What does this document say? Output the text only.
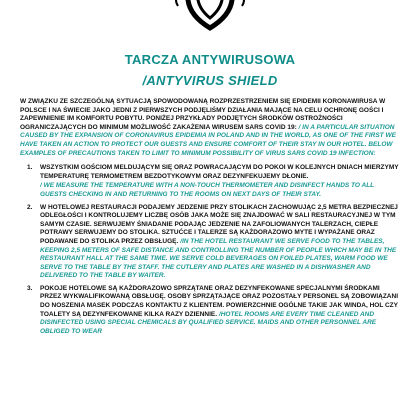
TARCZA ANTYWIRUSOWA
/ANTYVIRUS SHIELD
W ZWIĄZKU ZE SZCZEGÓLNĄ SYTUACJĄ SPOWODOWANĄ ROZPRZESTRZENIEM SIĘ EPIDEMII KORONAWIRUSA W POLSCE I NA ŚWIECIE JAKO JEDNI Z PIERWSZYCH PODJĘLIŚMY DZIAŁANIA MAJĄCE NA CELU OCHRONĘ GOŚCI I ZAPEWNIENIE IM KOMFORTU POBYTU. PONIŻEJ PRZYKŁADY PODJĘTYCH ŚRODKÓW OSTROŻNOŚCI OGRANICZAJĄCYCH DO MINIMUM MOŻLIWOŚĆ ZAKAŻENIA WIRUSEM SARS COVID 19: / IN A PARTICULAR SITUATION CAUSED BY THE EXPANSION OF CORONAVIRUS EPIDEMIA IN POLAND AND IN THE WORLD, AS ONE OF THE FIRST WE HAVE TAKEN AN ACTION TO PROTECT OUR GUESTS AND ENSURE COMFORT OF THEIR STAY IN OUR HOTEL. BELOW EXAMPLES OF PRECAUTIONS TAKEN TO LIMIT TO MINIMUM POSSIBILITY OF VIRUS SARS COVID 19 INFECTION:
1. WSZYSTKIM GOŚCIOM MELDUJĄCYM SIĘ ORAZ POWRACAJĄCYM DO POKOI W KOLEJNYCH DNIACH MIERZYMY TEMPERATURĘ TERMOMETREM BEZDOTYKOWYM ORAZ DEZYNFEKUJEMY DŁONIE.
/ WE MEASURE THE TEMPERATURE WITH A NON-TOUCH THERMOMETER AND DISINFECT HANDS TO ALL GUESTS CHECKING IN AND RETURNING TO THE ROOMS ON NEXT DAYS OF THEIR STAY.
2. W HOTELOWEJ RESTAURACJI PODAJEMY JEDZENIE PRZY STOLIKACH ZACHOWUJĄC 2,5 METRA BEZPIECZNEJ ODLEGŁOŚCI I KONTROLUJEMY LICZBĘ OSÓB JAKA MOŻE SIĘ ZNAJDOWAĆ W SALI RESTAURACYJNEJ W TYM SAMYM CZASIE. SERWUJEMY ŚNIADANIE PODAJĄC JEDZENIE NA ZAFOLIOWANYCH TALERZACH, CIEPŁE POTRAWY SERWUJEMY DO STOLIKA. SZTUĆCE I TALERZE SĄ KAŻDORAZOWO MYTE I WYPAŻANE ORAZ PODAWANE DO STOLIKA PRZEZ OBSŁUGĘ. /IN THE HOTEL RESTAURANT WE SERVE FOOD TO THE TABLES, KEEPING 2,5 METERS OF SAFE DISTANCE AND CONTROLLING THE NUMBER OF PEOPLE WHICH MAY BE IN THE RESTAURANT HALL AT THE SAME TIME. WE SERVE COLD BEVERAGES ON FOILED PLATES, WARM FOOD WE SERVE TO THE TABLE BY THE STAFF. THE CUTLERY AND PLATES ARE WASHED IN A DISHWASHER AND DELIVERED TO THE TABLE BY WAITER.
3. POKOJE HOTELOWE SĄ KAŻDORAZOWO SPRZĄTANE ORAZ DEZYNFEKOWANE SPECJALNYMI ŚRODKAMI PRZEZ WYKWALIFIKOWANĄ OBSŁUGĘ. OSOBY SPRZĄTAJĄCE ORAZ POZOSTAŁY PERSONEL SĄ ZOBOWIĄZANI DO NOSZENIA MASEK PODCZAS KONTAKTU Z KLIENTEM. POWIERZCHNIE OGÓLNE TAKIE JAK WINDA, HOL CZY TOALETY SĄ DEZYNFEKOWANE KILKA RAZY DZIENNIE. /HOTEL ROOMS ARE EVERY TIME CLEANED AND DISINFECTED USING SPECIAL CHEMICALS BY QUALIFIED SERVICE. MAIDS AND OTHER PERSONNEL ARE OBLIGED TO WEAR
